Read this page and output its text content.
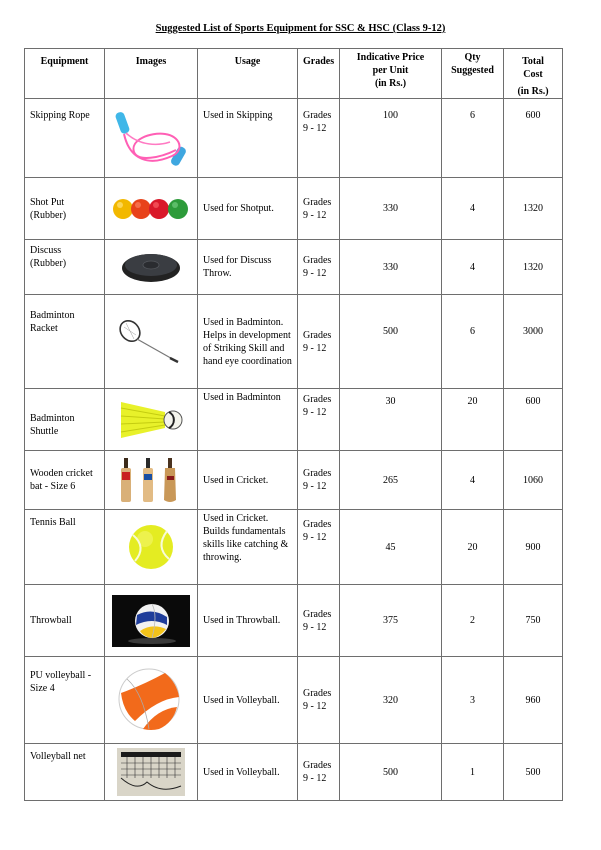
Suggested List of Sports Equipment for SSC & HSC (Class 9-12)
Equipment	Images	Usage	Grades	Indicative Price
per Unit
(in Rs.)	Qty
Suggested	Total
Cost
(in Rs.)
Skipping Rope		Used in Skipping	Grades
9 - 12	100	6	600
Shot Put (Rubber)		Used for Shotput.	Grades
9 - 12	330	4	1320
Discuss (Rubber)		Used for Discuss Throw.	Grades
9 - 12	330	4	1320
Badminton Racket		Used in Badminton. Helps in development of Striking Skill and hand eye coordination	Grades
9 - 12	500	6	3000
Badminton Shuttle		Used in Badminton	Grades
9 - 12	30	20	600
Wooden cricket bat - Size 6		Used in Cricket.	Grades
9 - 12	265	4	1060
Tennis Ball		Used in Cricket. Builds fundamentals skills like catching & throwing.	Grades
9 - 12	45	20	900
Throwball		Used in Throwball.	Grades
9 - 12	375	2	750
PU volleyball - Size 4		Used in Volleyball.	Grades
9 - 12	320	3	960
Volleyball net		Used in Volleyball.	Grades
9 - 12	500	1	500
